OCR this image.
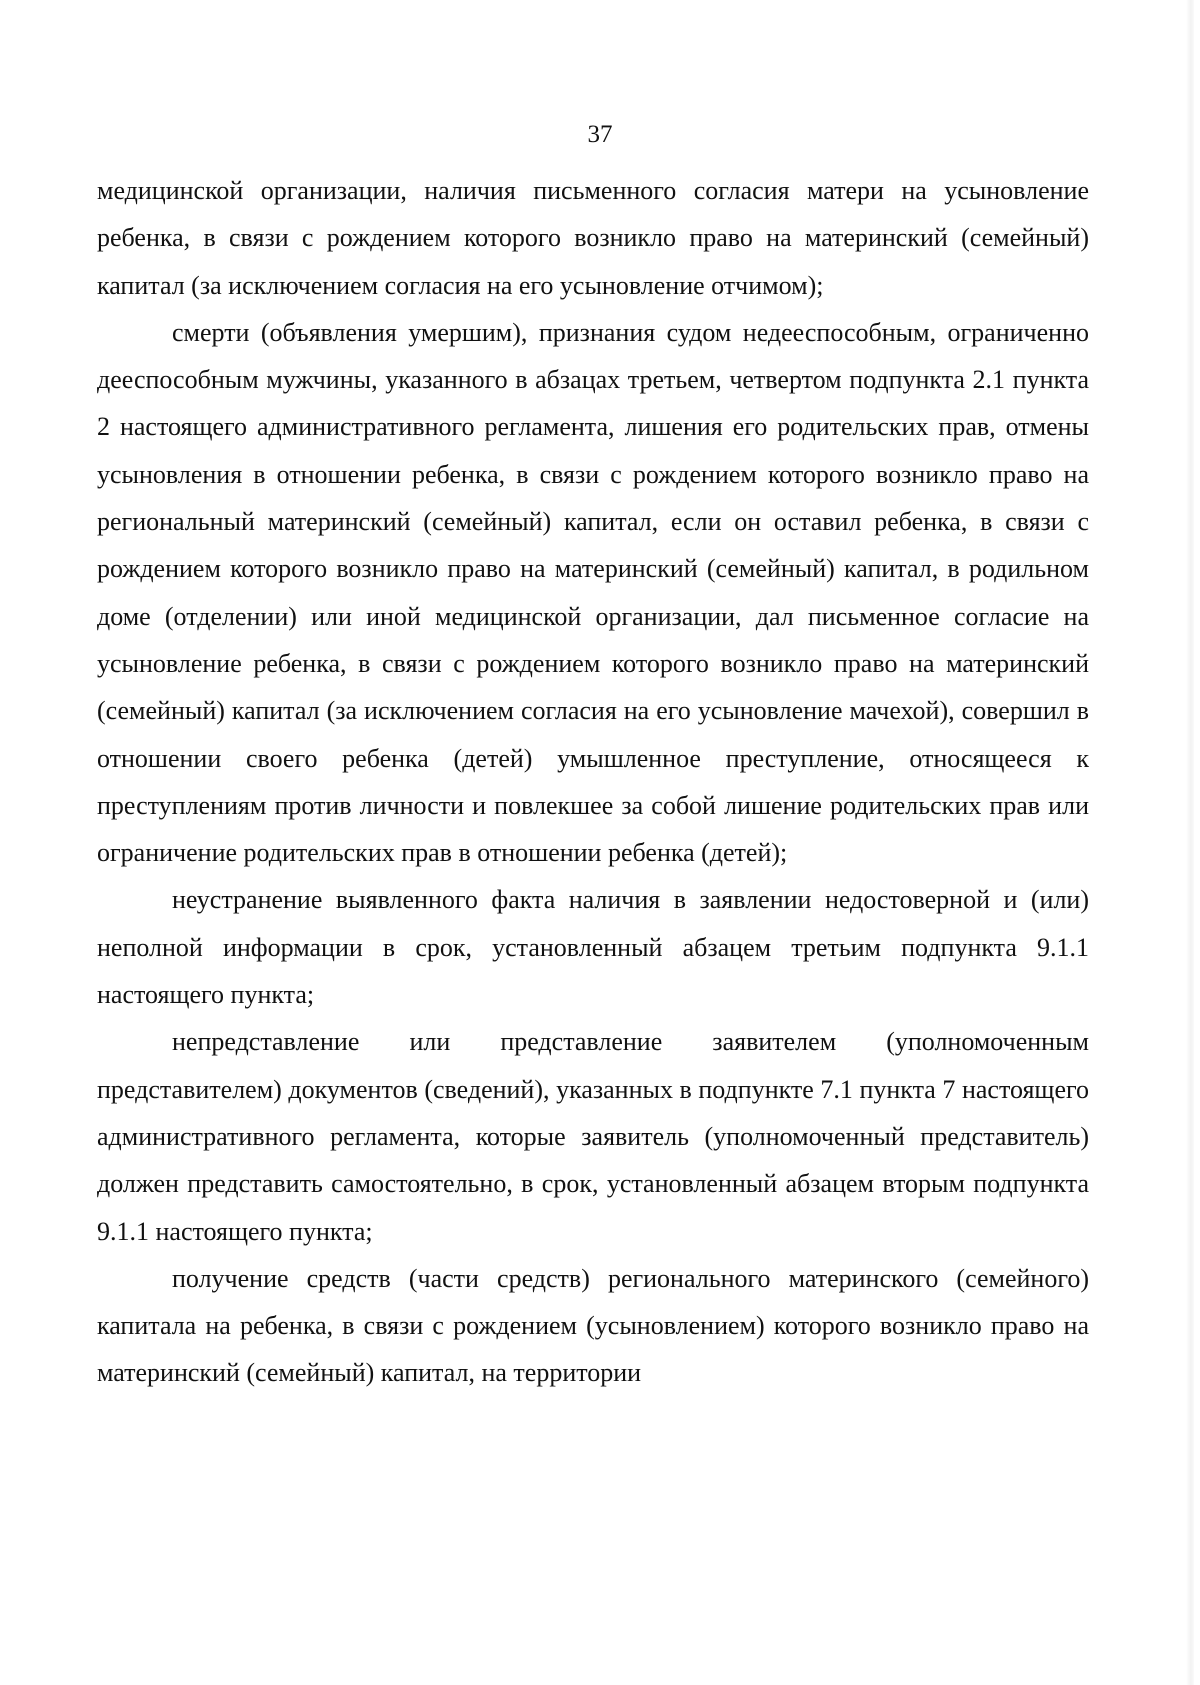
37

медицинской организации, наличия письменного согласия матери на усыновление ребенка, в связи с рождением которого возникло право на материнский (семейный) капитал (за исключением согласия на его усыновление отчимом);

смерти (объявления умершим), признания судом недееспособным, ограниченно дееспособным мужчины, указанного в абзацах третьем, четвертом подпункта 2.1 пункта 2 настоящего административного регламента, лишения его родительских прав, отмены усыновления в отношении ребенка, в связи с рождением которого возникло право на региональный материнский (семейный) капитал, если он оставил ребенка, в связи с рождением которого возникло право на материнский (семейный) капитал, в родильном доме (отделении) или иной медицинской организации, дал письменное согласие на усыновление ребенка, в связи с рождением которого возникло право на материнский (семейный) капитал (за исключением согласия на его усыновление мачехой), совершил в отношении своего ребенка (детей) умышленное преступление, относящееся к преступлениям против личности и повлекшее за собой лишение родительских прав или ограничение родительских прав в отношении ребенка (детей);

неустранение выявленного факта наличия в заявлении недостоверной и (или) неполной информации в срок, установленный абзацем третьим подпункта 9.1.1 настоящего пункта;

непредставление или представление заявителем (уполномоченным представителем) документов (сведений), указанных в подпункте 7.1 пункта 7 настоящего административного регламента, которые заявитель (уполномоченный представитель) должен представить самостоятельно, в срок, установленный абзацем вторым подпункта 9.1.1 настоящего пункта;

получение средств (части средств) регионального материнского (семейного) капитала на ребенка, в связи с рождением (усыновлением) которого возникло право на материнский (семейный) капитал, на территории
